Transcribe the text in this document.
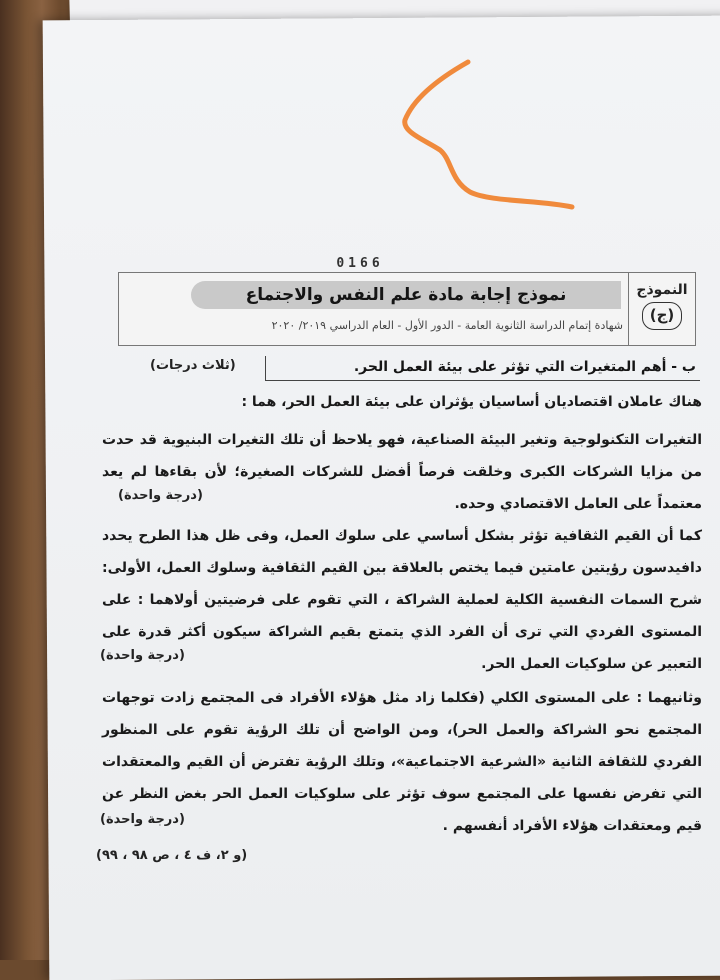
0166
النموذج
(ج)
نموذج إجابة مادة علم النفس والاجتماع
شهادة إتمام الدراسة الثانوية العامة - الدور الأول - العام الدراسي ٢٠١٩/ ٢٠٢٠
ب - أهم المتغيرات التي تؤثر على بيئة العمل الحر.
(ثلاث درجات)
هناك عاملان اقتصاديان أساسيان يؤثران على بيئة العمل الحر، هما :
التغيرات التكنولوجية وتغير البيئة الصناعية، فهو يلاحظ أن تلك التغيرات البنيوية قد حدت من مزايا الشركات الكبرى وخلقت فرصاً أفضل للشركات الصغيرة؛ لأن بقاءها لم يعد معتمداً على العامل الاقتصادي وحده.
(درجة واحدة)
كما أن القيم الثقافية تؤثر بشكل أساسي على سلوك العمل، وفى ظل هذا الطرح يحدد دافيدسون رؤيتين عامتين فيما يختص بالعلاقة بين القيم الثقافية وسلوك العمل، الأولى: شرح السمات النفسية الكلية لعملية الشراكة ، التي تقوم على فرضيتين أولاهما : على المستوى الفردي التي ترى أن الفرد الذي يتمتع بقيم الشراكة سيكون أكثر قدرة على التعبير عن سلوكيات العمل الحر.
(درجة واحدة)
وثانيهما : على المستوى الكلي (فكلما زاد مثل هؤلاء الأفراد فى المجتمع زادت توجهات المجتمع نحو الشراكة والعمل الحر)، ومن الواضح أن تلك الرؤية تقوم على المنظور الفردي للثقافة الثانية «الشرعية الاجتماعية»، وتلك الرؤية تفترض أن القيم والمعتقدات التي تفرض نفسها على المجتمع سوف تؤثر على سلوكيات العمل الحر بغض النظر عن قيم ومعتقدات هؤلاء الأفراد أنفسهم .
(درجة واحدة)
(و ٢، ف ٤ ، ص ٩٨ ، ٩٩)
